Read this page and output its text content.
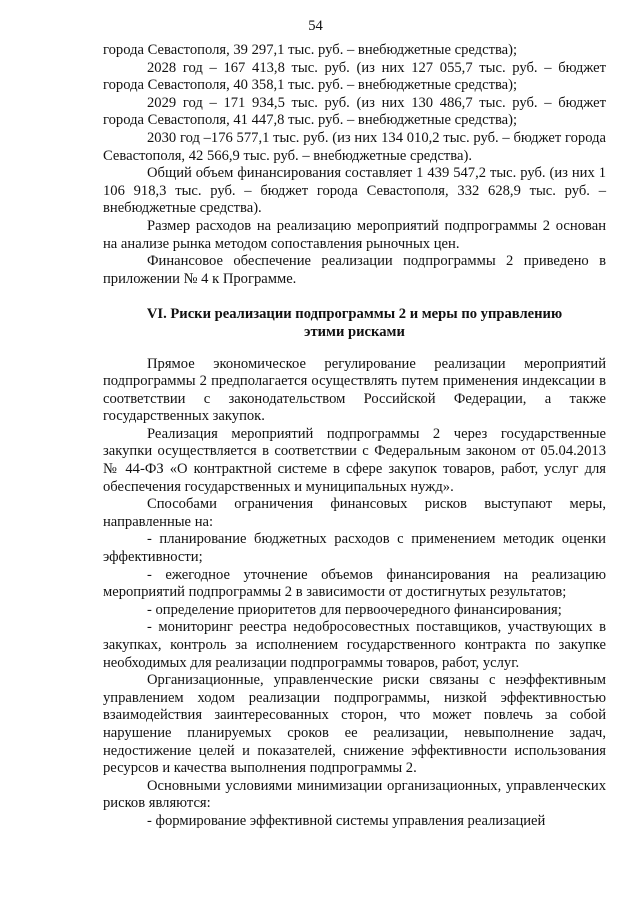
54

города Севастополя, 39 297,1 тыс. руб. – внебюджетные средства);

2028 год – 167 413,8 тыс. руб. (из них 127 055,7 тыс. руб. – бюджет города Севастополя, 40 358,1 тыс. руб. – внебюджетные средства);

2029 год – 171 934,5 тыс. руб. (из них 130 486,7 тыс. руб. – бюджет города Севастополя, 41 447,8 тыс. руб. – внебюджетные средства);

2030 год –176 577,1 тыс. руб. (из них 134 010,2 тыс. руб. – бюджет города Севастополя, 42 566,9 тыс. руб. – внебюджетные средства).

Общий объем финансирования составляет 1 439 547,2 тыс. руб. (из них 1 106 918,3 тыс. руб. – бюджет города Севастополя, 332 628,9 тыс. руб. – внебюджетные средства).

Размер расходов на реализацию мероприятий подпрограммы 2 основан на анализе рынка методом сопоставления рыночных цен.

Финансовое обеспечение реализации подпрограммы 2 приведено в приложении № 4 к Программе.

VI. Риски реализации подпрограммы 2 и меры по управлению
этими рисками

Прямое экономическое регулирование реализации мероприятий подпрограммы 2 предполагается осуществлять путем применения индексации в соответствии с законодательством Российской Федерации, а также государственных закупок.

Реализация мероприятий подпрограммы 2 через государственные закупки осуществляется в соответствии с Федеральным законом от 05.04.2013 № 44-ФЗ «О контрактной системе в сфере закупок товаров, работ, услуг для обеспечения государственных и муниципальных нужд».

Способами ограничения финансовых рисков выступают меры, направленные на:

- планирование бюджетных расходов с применением методик оценки эффективности;

- ежегодное уточнение объемов финансирования на реализацию мероприятий подпрограммы 2 в зависимости от достигнутых результатов;

- определение приоритетов для первоочередного финансирования;

- мониторинг реестра недобросовестных поставщиков, участвующих в закупках, контроль за исполнением государственного контракта по закупке необходимых для реализации подпрограммы товаров, работ, услуг.

Организационные, управленческие риски связаны с неэффективным управлением ходом реализации подпрограммы, низкой эффективностью взаимодействия заинтересованных сторон, что может повлечь за собой нарушение планируемых сроков ее реализации, невыполнение задач, недостижение целей и показателей, снижение эффективности использования ресурсов и качества выполнения подпрограммы 2.

Основными условиями минимизации организационных, управленческих рисков являются:

- формирование эффективной системы управления реализацией
